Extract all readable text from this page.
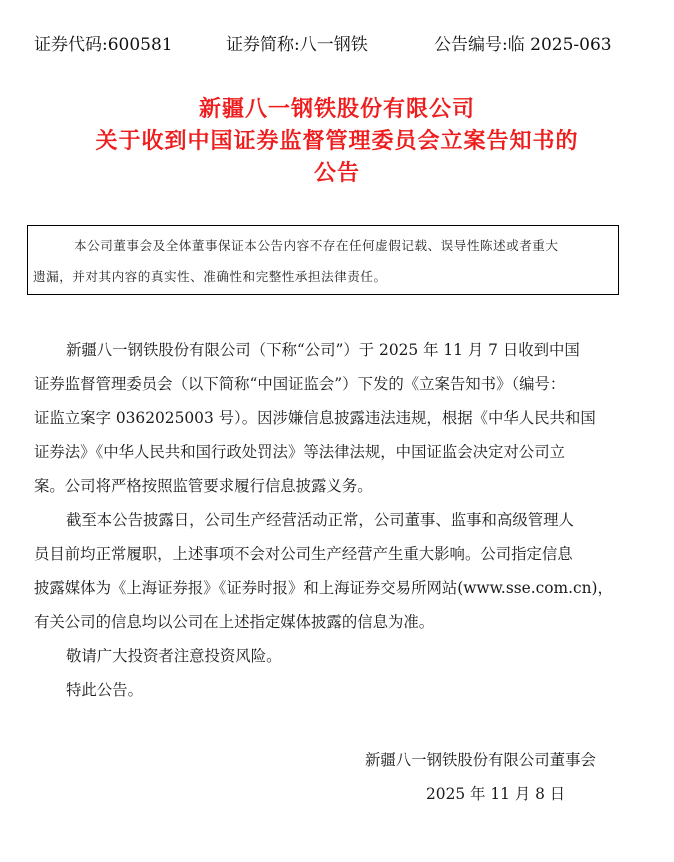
证券代码:600581	证券简称:八一钢铁	公告编号:临 2025-063
新疆八一钢铁股份有限公司
关于收到中国证券监督管理委员会立案告知书的
公告
本公司董事会及全体董事保证本公告内容不存在任何虚假记载、误导性陈述或者重大
遗漏，并对其内容的真实性、准确性和完整性承担法律责任。
新疆八一钢铁股份有限公司（下称“公司”）于 2025 年 11 月 7 日收到中国
证券监督管理委员会（以下简称“中国证监会”）下发的《立案告知书》（编号：
证监立案字 0362025003 号）。因涉嫌信息披露违法违规，根据《中华人民共和国
证券法》《中华人民共和国行政处罚法》等法律法规，中国证监会决定对公司立
案。公司将严格按照监管要求履行信息披露义务。
截至本公告披露日，公司生产经营活动正常，公司董事、监事和高级管理人
员目前均正常履职，上述事项不会对公司生产经营产生重大影响。公司指定信息
披露媒体为《上海证券报》《证券时报》和上海证券交易所网站(www.sse.com.cn)，
有关公司的信息均以公司在上述指定媒体披露的信息为准。
敬请广大投资者注意投资风险。
特此公告。
新疆八一钢铁股份有限公司董事会
2025 年 11 月 8 日
